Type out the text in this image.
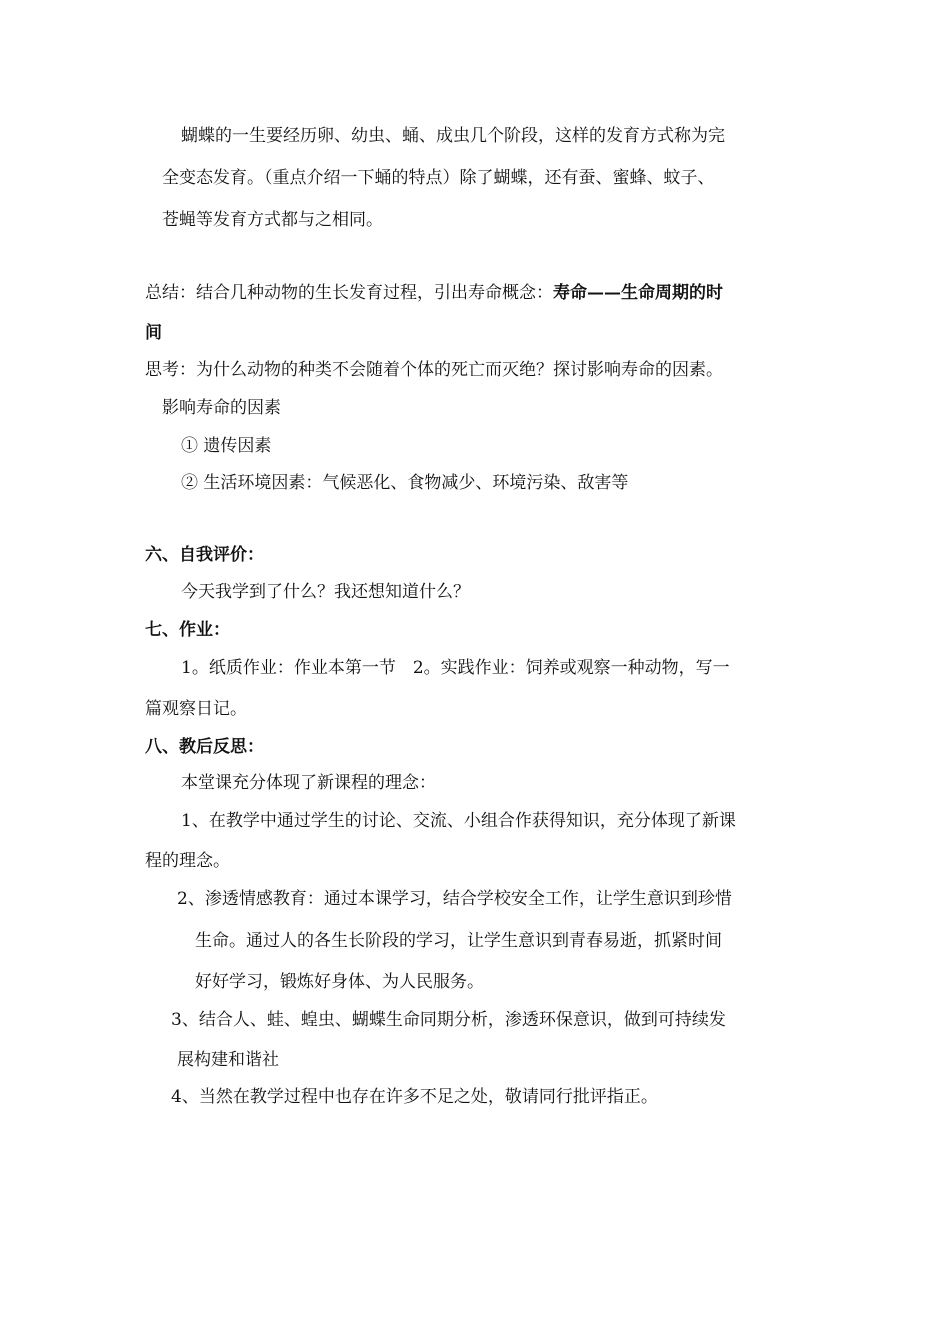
蝴蝶的一生要经历卵、幼虫、蛹、成虫几个阶段，这样的发育方式称为完
全变态发育。（重点介绍一下蛹的特点）除了蝴蝶，还有蚕、蜜蜂、蚊子、
苍蝇等发育方式都与之相同。
总结：结合几种动物的生长发育过程，引出寿命概念：寿命——生命周期的时
间
思考：为什么动物的种类不会随着个体的死亡而灭绝？探讨影响寿命的因素。
影响寿命的因素
① 遗传因素
② 生活环境因素：气候恶化、食物减少、环境污染、敌害等
六、自我评价：
今天我学到了什么？我还想知道什么？
七、作业：
1。纸质作业：作业本第一节　2。实践作业：饲养或观察一种动物，写一
篇观察日记。
八、教后反思：
本堂课充分体现了新课程的理念：
1、在教学中通过学生的讨论、交流、小组合作获得知识，充分体现了新课
程的理念。
2、渗透情感教育：通过本课学习，结合学校安全工作，让学生意识到珍惜
生命。通过人的各生长阶段的学习，让学生意识到青春易逝，抓紧时间
好好学习，锻炼好身体、为人民服务。
3、结合人、蛙、蝗虫、蝴蝶生命同期分析，渗透环保意识，做到可持续发
展构建和谐社
4、当然在教学过程中也存在许多不足之处，敬请同行批评指正。
